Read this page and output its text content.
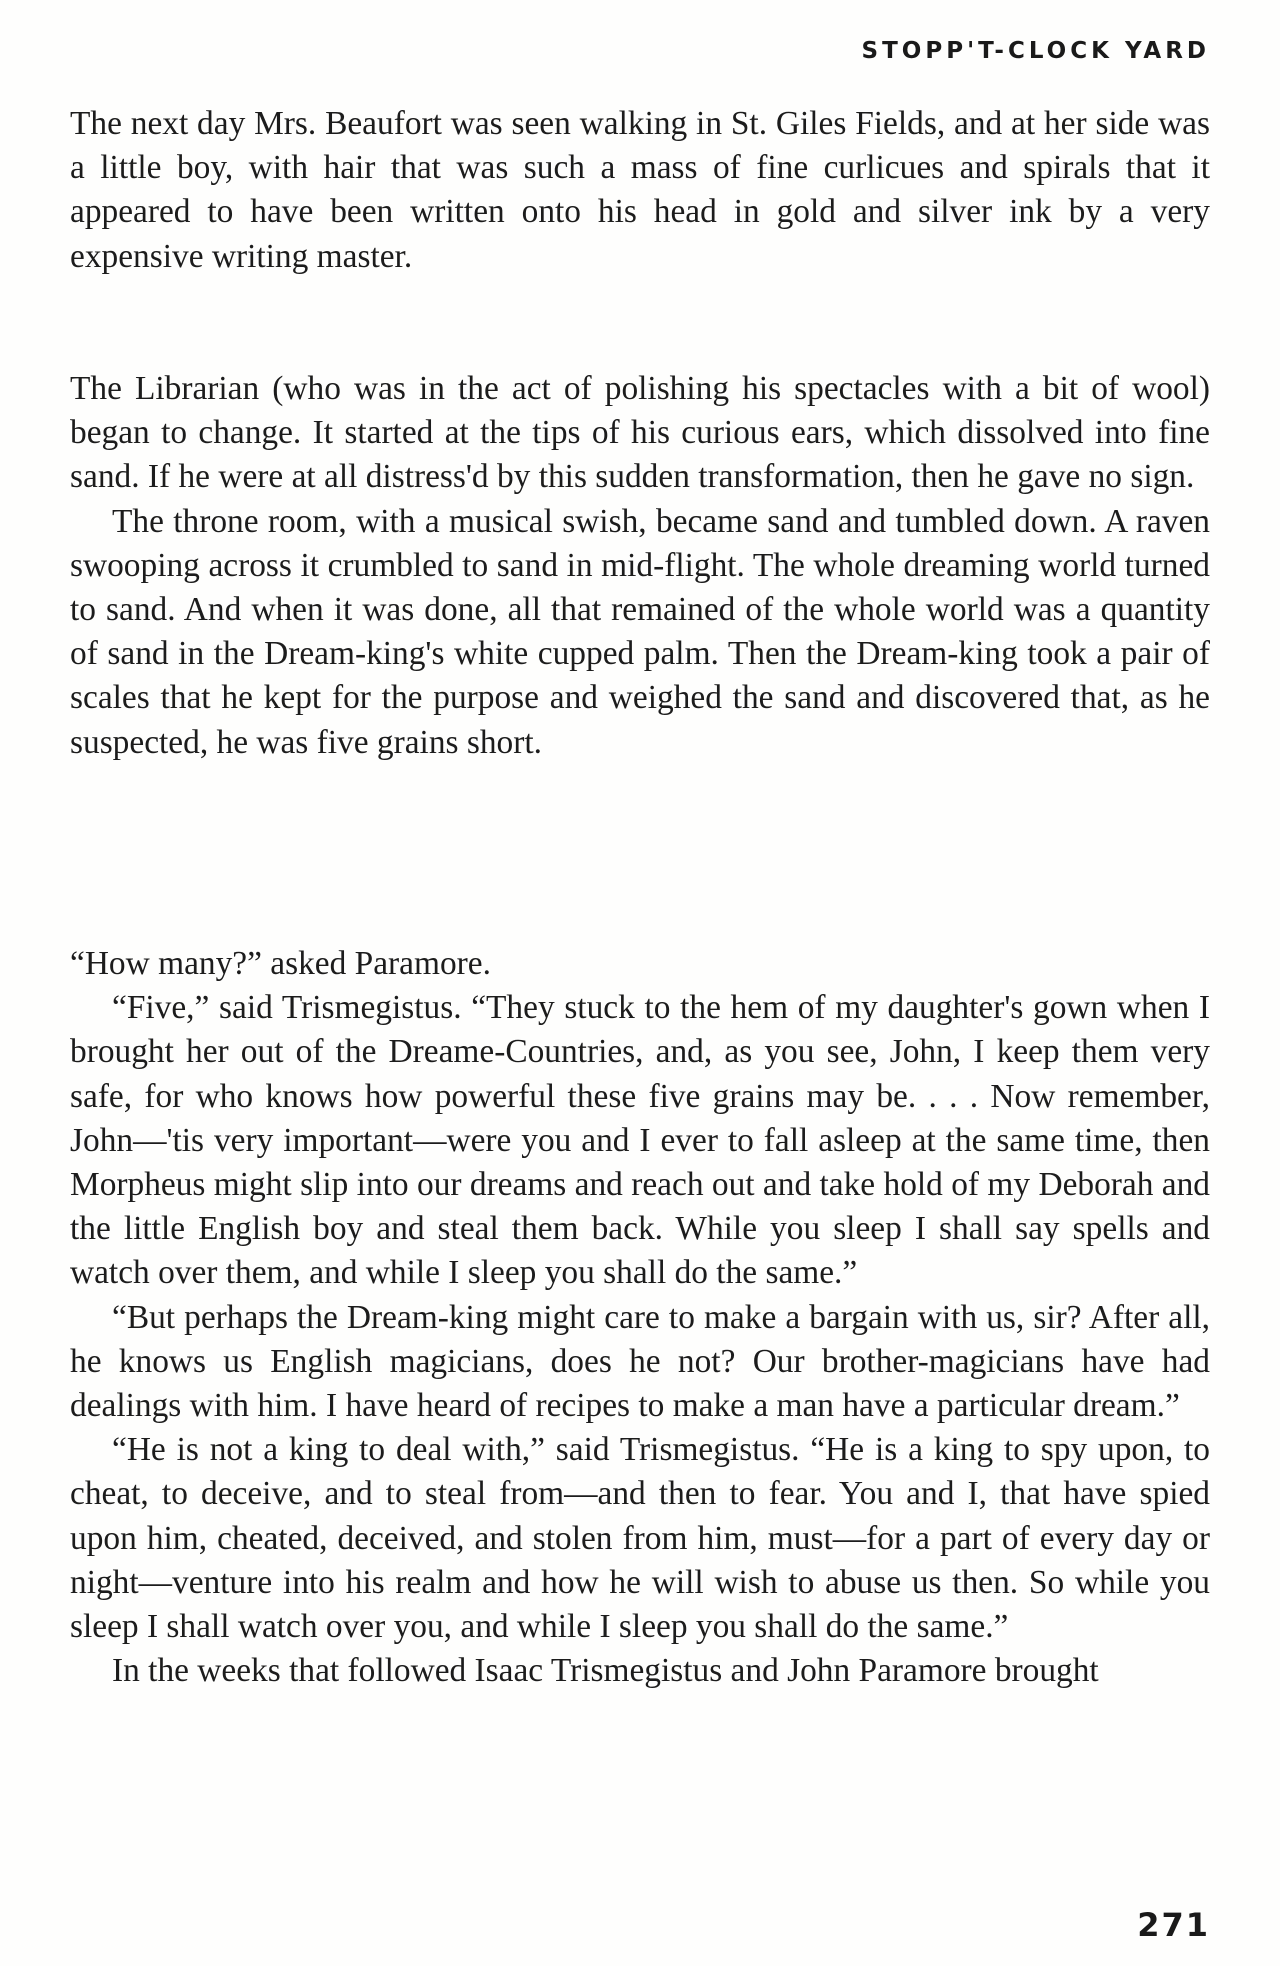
STOPP'T-CLOCK YARD

The next day Mrs. Beaufort was seen walking in St. Giles Fields, and at her side was a little boy, with hair that was such a mass of fine curlicues and spirals that it appeared to have been written onto his head in gold and silver ink by a very expensive writing master.

The Librarian (who was in the act of polishing his spectacles with a bit of wool) began to change. It started at the tips of his curious ears, which dissolved into fine sand. If he were at all distress'd by this sudden transformation, then he gave no sign.

The throne room, with a musical swish, became sand and tumbled down. A raven swooping across it crumbled to sand in mid-flight. The whole dreaming world turned to sand. And when it was done, all that remained of the whole world was a quantity of sand in the Dream-king's white cupped palm. Then the Dream-king took a pair of scales that he kept for the purpose and weighed the sand and discovered that, as he suspected, he was five grains short.

“How many?” asked Paramore.

“Five,” said Trismegistus. “They stuck to the hem of my daughter's gown when I brought her out of the Dreame-Countries, and, as you see, John, I keep them very safe, for who knows how powerful these five grains may be. . . . Now remember, John—'tis very important—were you and I ever to fall asleep at the same time, then Morpheus might slip into our dreams and reach out and take hold of my Deborah and the little English boy and steal them back. While you sleep I shall say spells and watch over them, and while I sleep you shall do the same.”

“But perhaps the Dream-king might care to make a bargain with us, sir? After all, he knows us English magicians, does he not? Our brother-magicians have had dealings with him. I have heard of recipes to make a man have a particular dream.”

“He is not a king to deal with,” said Trismegistus. “He is a king to spy upon, to cheat, to deceive, and to steal from—and then to fear. You and I, that have spied upon him, cheated, deceived, and stolen from him, must—for a part of every day or night—venture into his realm and how he will wish to abuse us then. So while you sleep I shall watch over you, and while I sleep you shall do the same.”

In the weeks that followed Isaac Trismegistus and John Paramore brought

271
